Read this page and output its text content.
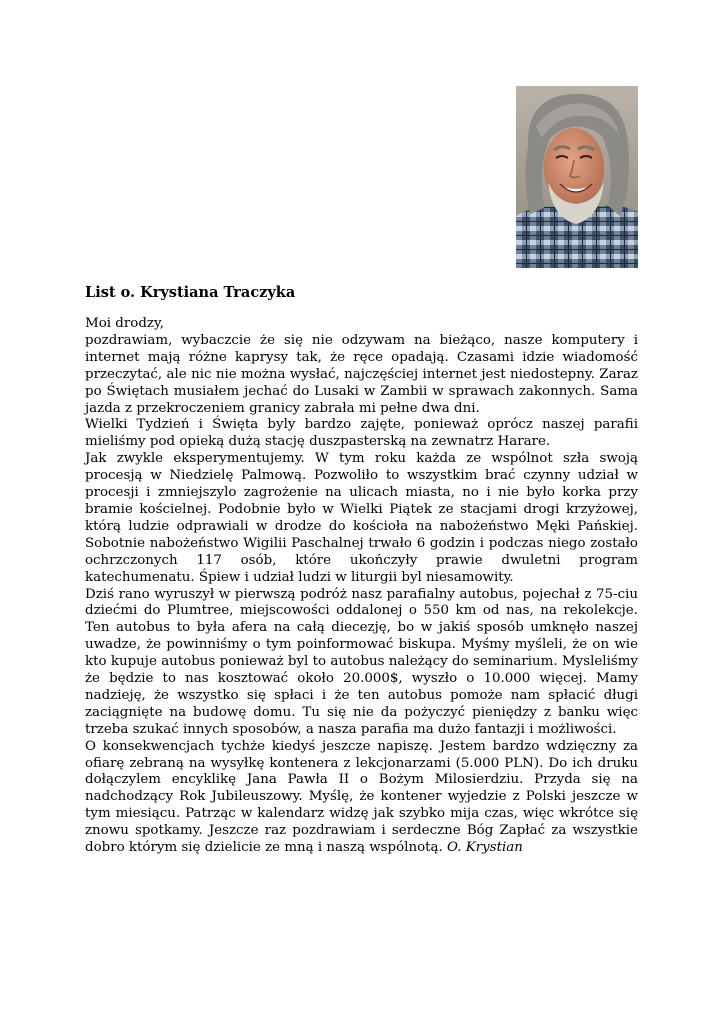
List o. Krystiana Traczyka

Moi drodzy,

pozdrawiam, wybaczcie że się nie odzywam na bieżąco, nasze komputery i internet mają różne kaprysy tak, że ręce opadają. Czasami idzie wiadomość przeczytać, ale nic nie można wysłać, najczęściej internet jest niedostepny. Zaraz po Świętach musiałem jechać do Lusaki w Zambii w sprawach zakonnych. Sama jazda z przekroczeniem granicy zabrała mi pełne dwa dni.

Wielki Tydzień i Święta byly bardzo zajęte, ponieważ oprócz naszej parafii mieliśmy pod opieką dużą stację duszpasterską na zewnatrz Harare.

Jak zwykle eksperymentujemy. W tym roku każda ze wspólnot szła swoją procesją w Niedzielę Palmową. Pozwoliło to wszystkim brać czynny udział w procesji i zmniejszylo zagrożenie na ulicach miasta, no i nie było korka przy bramie kościelnej. Podobnie było w Wielki Piątek ze stacjami drogi krzyżowej, którą ludzie odprawiali w drodze do kościoła na nabożeństwo Męki Pańskiej. Sobotnie nabożeństwo Wigilii Paschalnej trwało 6 godzin i podczas niego zostało ochrzczonych 117 osób, które ukończyły prawie dwuletni program katechumenatu. Śpiew i udział ludzi w liturgii byl niesamowity.

Dziś rano wyruszył w pierwszą podróż nasz parafialny autobus, pojechał z 75-ciu dziećmi do Plumtree, miejscowości oddalonej o 550 km od nas, na rekolekcje. Ten autobus to była afera na całą diecezję, bo w jakiś sposób umknęło naszej uwadze, że powinniśmy o tym poinformować biskupa. Myśmy myśleli, że on wie kto kupuje autobus ponieważ byl to autobus należący do seminarium. Mysleliśmy że będzie to nas kosztować około 20.000$, wyszło o 10.000 więcej. Mamy nadzieję, że wszystko się spłaci i że ten autobus pomoże nam spłacić długi zaciągnięte na budowę domu. Tu się nie da pożyczyć pieniędzy z banku więc trzeba szukać innych sposobów, a nasza parafia ma dużo fantazji i możliwości.

O konsekwencjach tychże kiedyś jeszcze napiszę. Jestem bardzo wdzięczny za ofiarę zebraną na wysyłkę kontenera z lekcjonarzami (5.000 PLN). Do ich druku dołączylem encyklikę Jana Pawła II o Bożym Milosierdziu. Przyda się na nadchodzący Rok Jubileuszowy. Myślę, że kontener wyjedzie z Polski jeszcze w tym miesiącu. Patrząc w kalendarz widzę jak szybko mija czas, więc wkrótce się znowu spotkamy. Jeszcze raz pozdrawiam i serdeczne Bóg Zapłać za wszystkie dobro którym się dzielicie ze mną i naszą wspólnotą. O. Krystian
